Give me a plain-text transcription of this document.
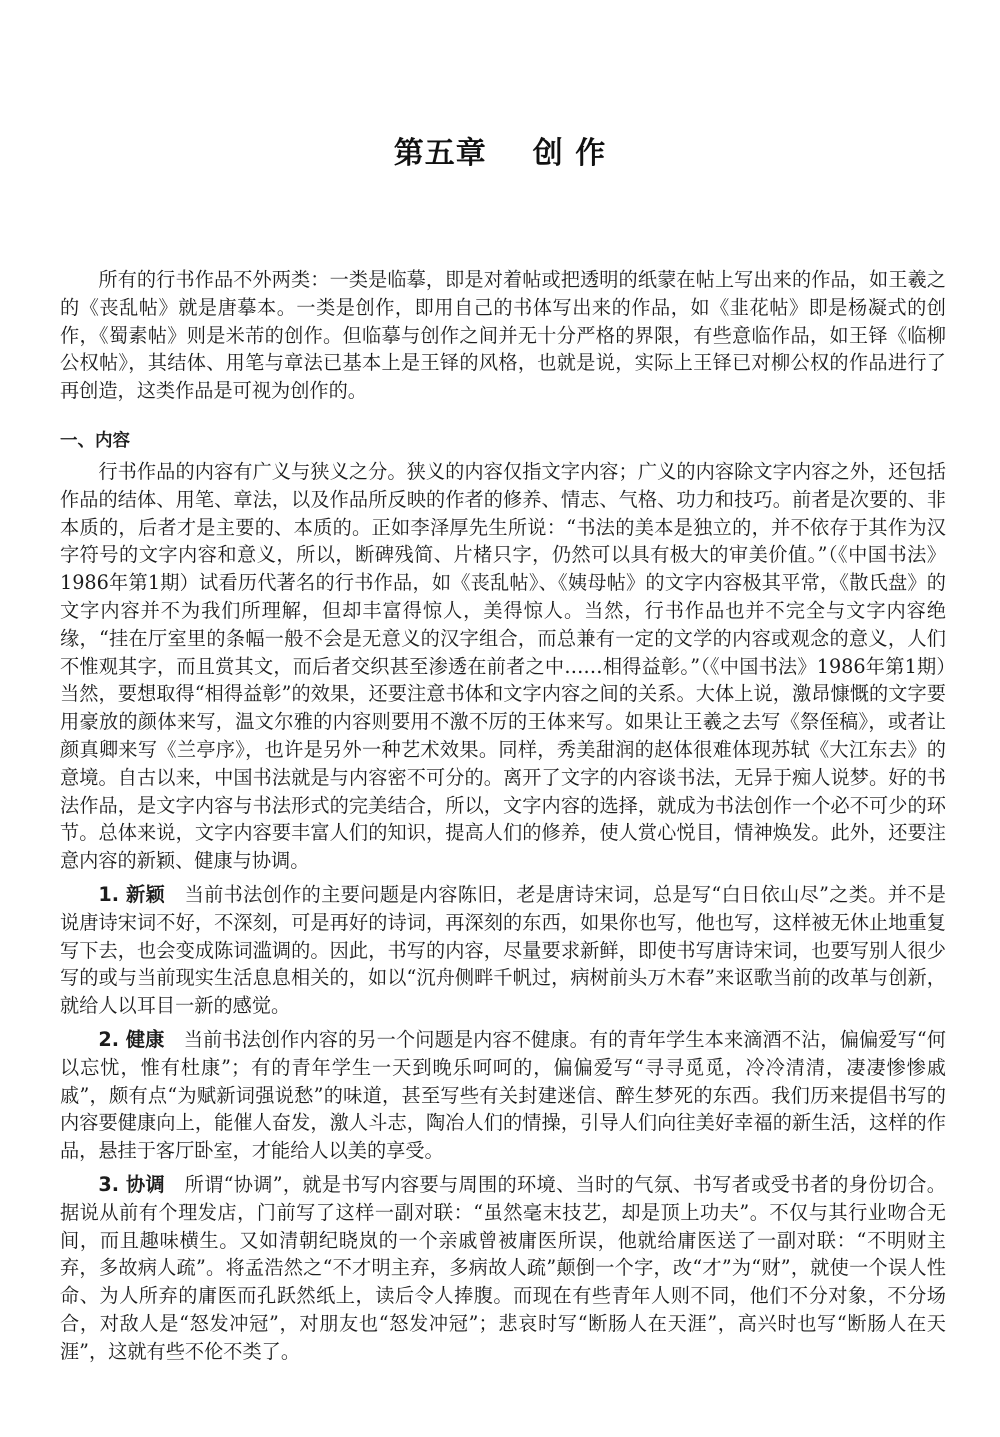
第五章 创 作

所有的行书作品不外两类：一类是临摹，即是对着帖或把透明的纸蒙在帖上写出来的作品，如王羲之的《丧乱帖》就是唐摹本。一类是创作，即用自己的书体写出来的作品，如《韭花帖》即是杨凝式的创作，《蜀素帖》则是米芾的创作。但临摹与创作之间并无十分严格的界限，有些意临作品，如王铎《临柳公权帖》，其结体、用笔与章法已基本上是王铎的风格，也就是说，实际上王铎已对柳公权的作品进行了再创造，这类作品是可视为创作的。

一、内容

行书作品的内容有广义与狭义之分。狭义的内容仅指文字内容；广义的内容除文字内容之外，还包括作品的结体、用笔、章法，以及作品所反映的作者的修养、情志、气格、功力和技巧。前者是次要的、非本质的，后者才是主要的、本质的。正如李泽厚先生所说：“书法的美本是独立的，并不依存于其作为汉字符号的文字内容和意义，所以，断碑残简、片楮只字，仍然可以具有极大的审美价值。”（《中国书法》1986年第1期）试看历代著名的行书作品，如《丧乱帖》、《姨母帖》的文字内容极其平常，《散氏盘》的文字内容并不为我们所理解，但却丰富得惊人，美得惊人。当然，行书作品也并不完全与文字内容绝缘，“挂在厅室里的条幅一般不会是无意义的汉字组合，而总兼有一定的文学的内容或观念的意义，人们不惟观其字，而且赏其文，而后者交织甚至渗透在前者之中……相得益彰。”（《中国书法》1986年第1期）当然，要想取得“相得益彰”的效果，还要注意书体和文字内容之间的关系。大体上说，激昂慷慨的文字要用豪放的颜体来写，温文尔雅的内容则要用不激不厉的王体来写。如果让王羲之去写《祭侄稿》，或者让颜真卿来写《兰亭序》，也许是另外一种艺术效果。同样，秀美甜润的赵体很难体现苏轼《大江东去》的意境。自古以来，中国书法就是与内容密不可分的。离开了文字的内容谈书法，无异于痴人说梦。好的书法作品，是文字内容与书法形式的完美结合，所以，文字内容的选择，就成为书法创作一个必不可少的环节。总体来说，文字内容要丰富人们的知识，提高人们的修养，使人赏心悦目，情神焕发。此外，还要注意内容的新颖、健康与协调。

1. 新颖　 当前书法创作的主要问题是内容陈旧，老是唐诗宋词，总是写“白日依山尽”之类。并不是说唐诗宋词不好，不深刻，可是再好的诗词，再深刻的东西，如果你也写，他也写，这样被无休止地重复写下去，也会变成陈词滥调的。因此，书写的内容，尽量要求新鲜，即使书写唐诗宋词，也要写别人很少写的或与当前现实生活息息相关的，如以“沉舟侧畔千帆过，病树前头万木春”来讴歌当前的改革与创新，就给人以耳目一新的感觉。

2. 健康　 当前书法创作内容的另一个问题是内容不健康。有的青年学生本来滴酒不沾，偏偏爱写“何以忘忧，惟有杜康”；有的青年学生一天到晚乐呵呵的，偏偏爱写“寻寻觅觅，冷冷清清，凄凄惨惨戚戚”，颇有点“为赋新词强说愁”的味道，甚至写些有关封建迷信、醉生梦死的东西。我们历来提倡书写的内容要健康向上，能催人奋发，激人斗志，陶冶人们的情操，引导人们向往美好幸福的新生活，这样的作品，悬挂于客厅卧室，才能给人以美的享受。

3. 协调　 所谓“协调”，就是书写内容要与周围的环境、当时的气氛、书写者或受书者的身份切合。据说从前有个理发店，门前写了这样一副对联：“虽然毫末技艺，却是顶上功夫”。不仅与其行业吻合无间，而且趣味横生。又如清朝纪晓岚的一个亲戚曾被庸医所误，他就给庸医送了一副对联：“不明财主弃，多故病人疏”。将孟浩然之“不才明主弃，多病故人疏”颠倒一个字，改“才”为“财”，就使一个误人性命、为人所弃的庸医而孔跃然纸上，读后令人捧腹。而现在有些青年人则不同，他们不分对象，不分场合，对敌人是“怒发冲冠”，对朋友也“怒发冲冠”；悲哀时写“断肠人在天涯”，高兴时也写“断肠人在天涯”，这就有些不伦不类了。
